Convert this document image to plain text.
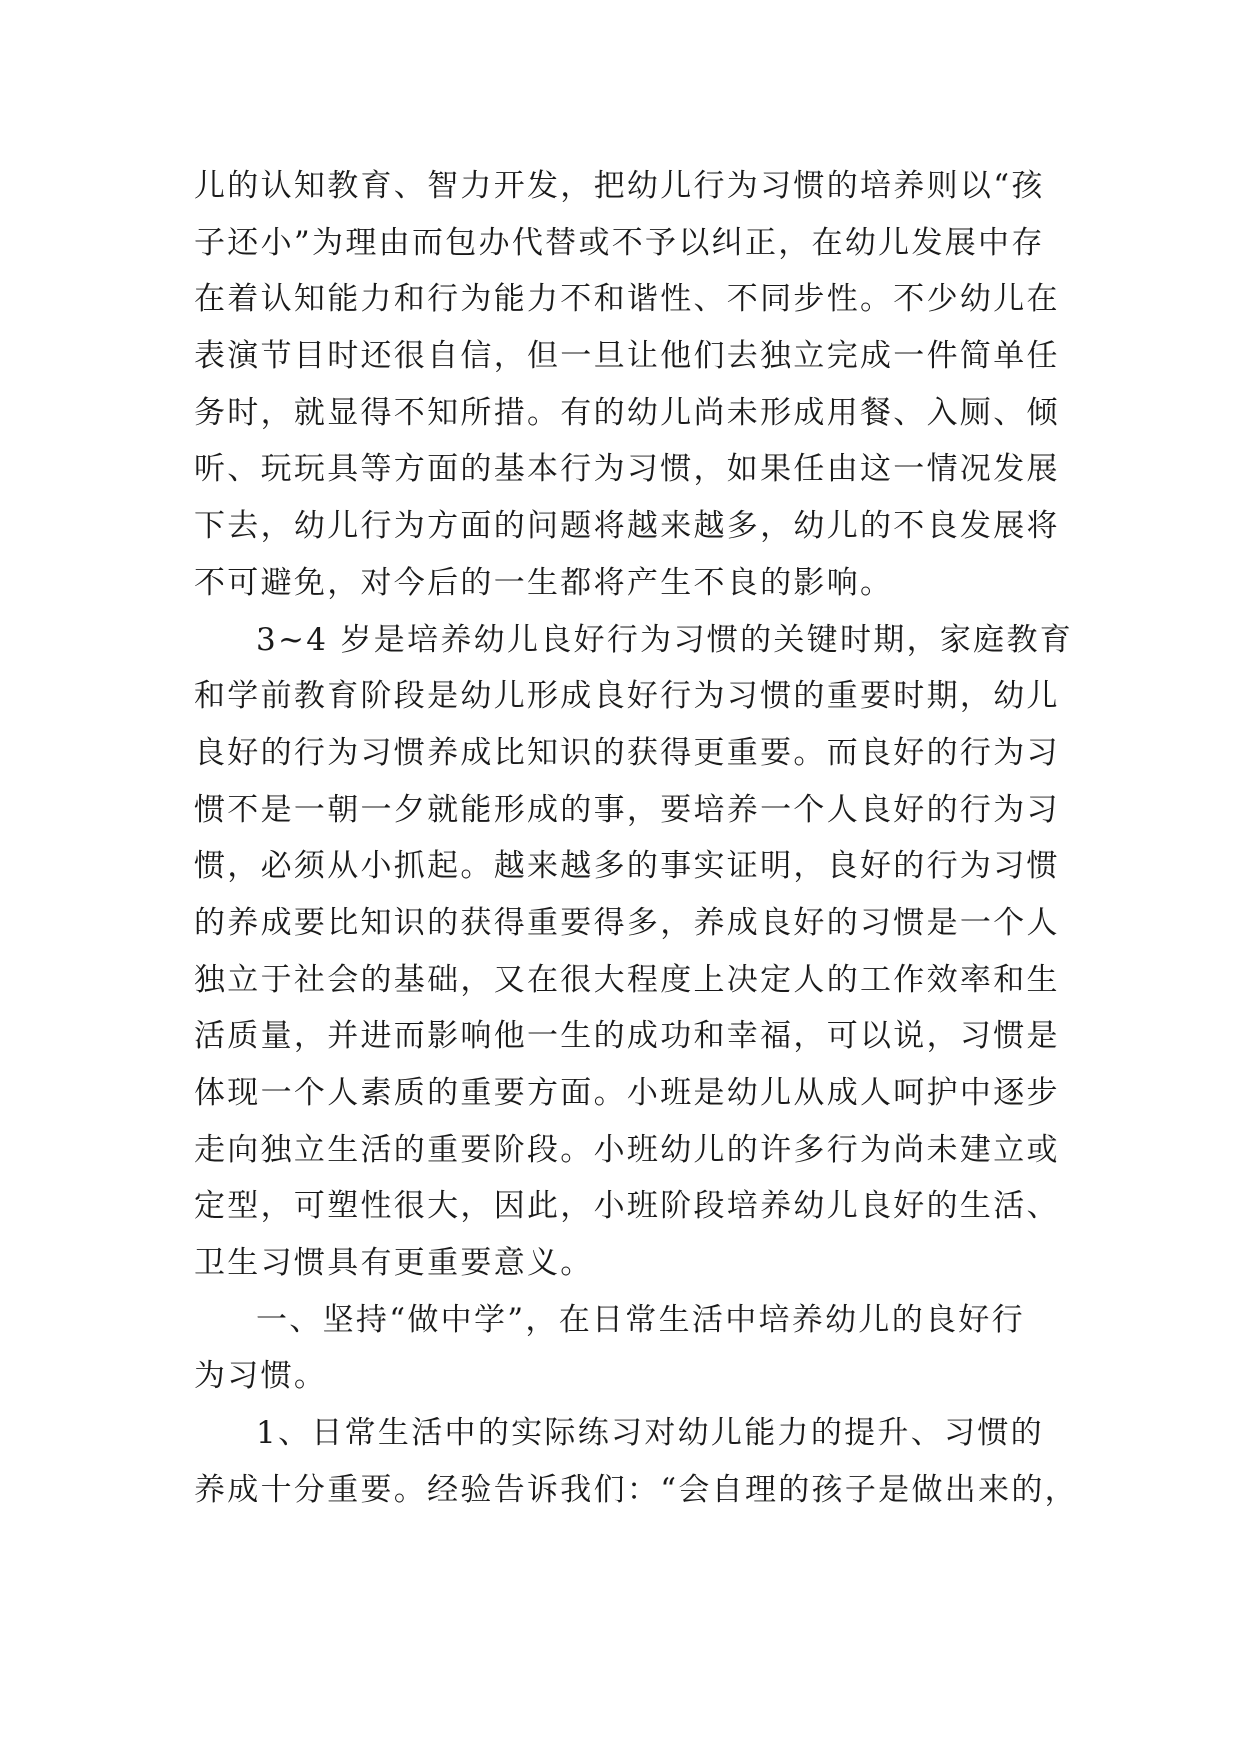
儿的认知教育、智力开发，把幼儿行为习惯的培养则以“孩
子还小”为理由而包办代替或不予以纠正，在幼儿发展中存
在着认知能力和行为能力不和谐性、不同步性。不少幼儿在
表演节目时还很自信，但一旦让他们去独立完成一件简单任
务时，就显得不知所措。有的幼儿尚未形成用餐、入厕、倾
听、玩玩具等方面的基本行为习惯，如果任由这一情况发展
下去，幼儿行为方面的问题将越来越多，幼儿的不良发展将
不可避免，对今后的一生都将产生不良的影响。
3~4 岁是培养幼儿良好行为习惯的关键时期，家庭教育
和学前教育阶段是幼儿形成良好行为习惯的重要时期，幼儿
良好的行为习惯养成比知识的获得更重要。而良好的行为习
惯不是一朝一夕就能形成的事，要培养一个人良好的行为习
惯，必须从小抓起。越来越多的事实证明，良好的行为习惯
的养成要比知识的获得重要得多，养成良好的习惯是一个人
独立于社会的基础，又在很大程度上决定人的工作效率和生
活质量，并进而影响他一生的成功和幸福，可以说，习惯是
体现一个人素质的重要方面。小班是幼儿从成人呵护中逐步
走向独立生活的重要阶段。小班幼儿的许多行为尚未建立或
定型，可塑性很大，因此，小班阶段培养幼儿良好的生活、
卫生习惯具有更重要意义。
一、坚持“做中学”，在日常生活中培养幼儿的良好行
为习惯。
1、日常生活中的实际练习对幼儿能力的提升、习惯的
养成十分重要。经验告诉我们：“会自理的孩子是做出来的，
